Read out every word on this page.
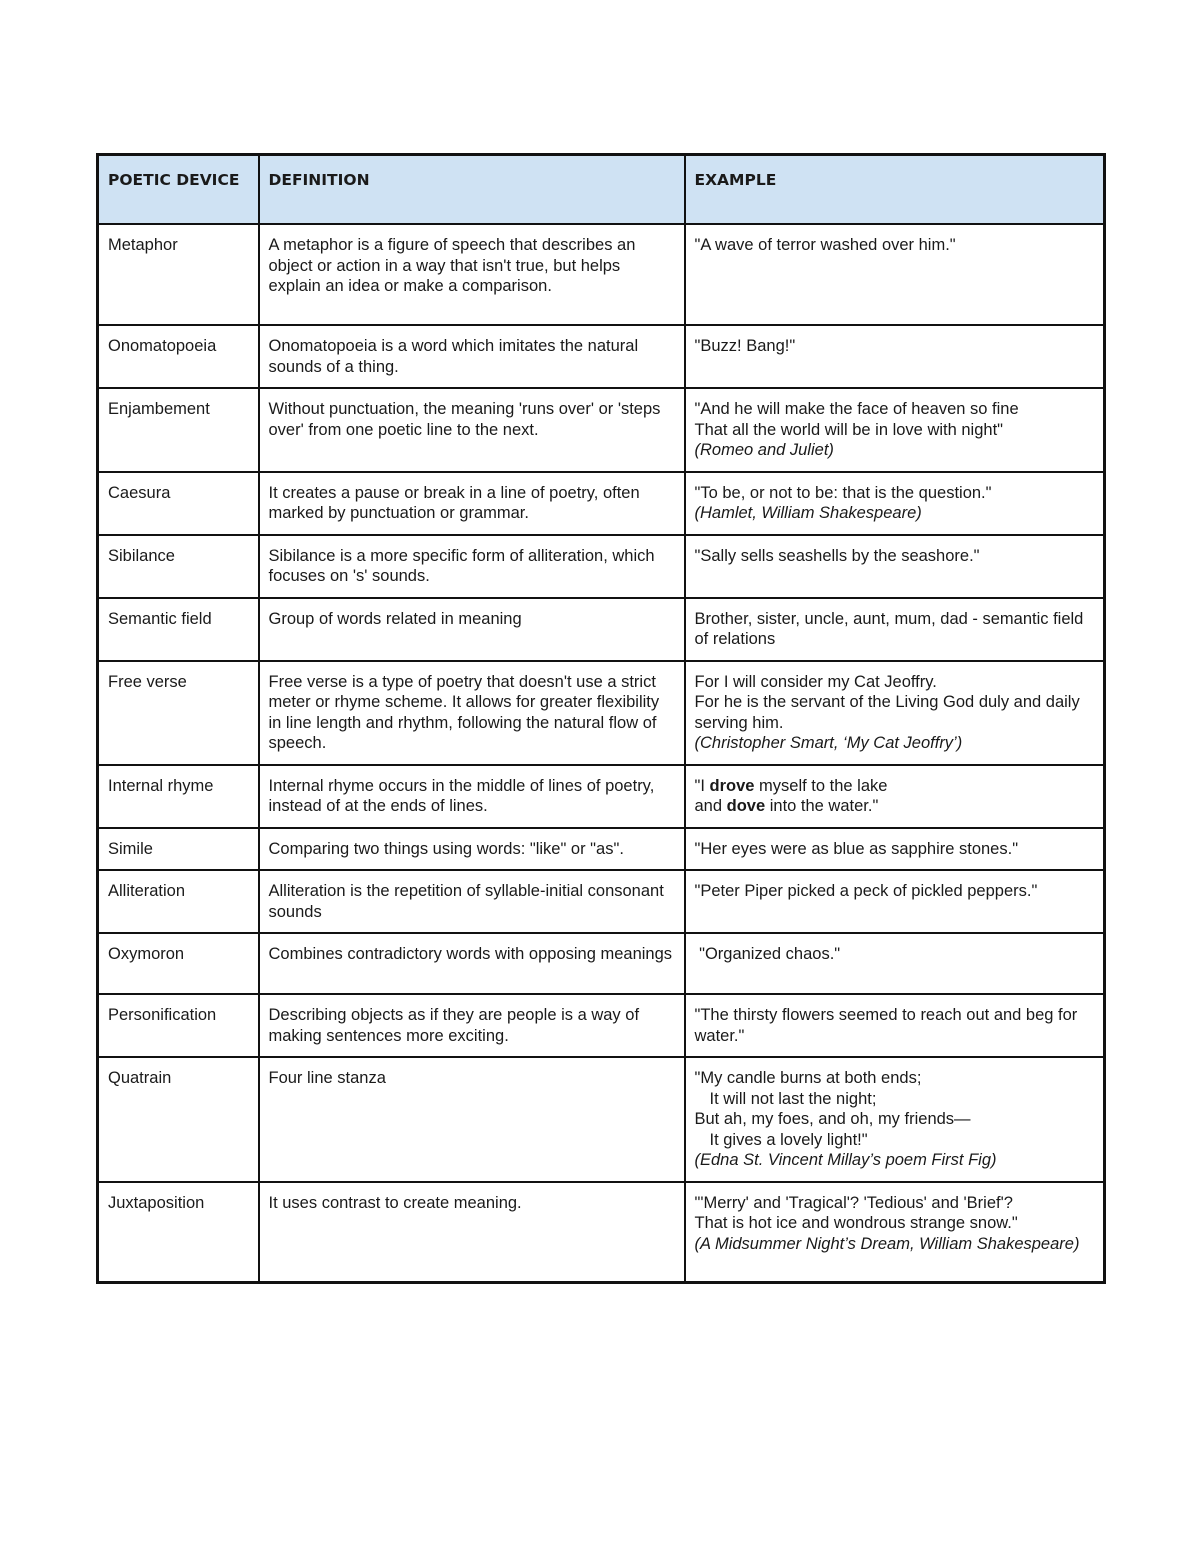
POETIC DEVICE	DEFINITION	EXAMPLE
Metaphor	A metaphor is a figure of speech that describes an object or action in a way that isn't true, but helps explain an idea or make a comparison.	"A wave of terror washed over him."

Onomatopoeia	Onomatopoeia is a word which imitates the natural sounds of a thing.	"Buzz! Bang!"

Enjambement	Without punctuation, the meaning 'runs over' or 'steps over' from one poetic line to the next.	"And he will make the face of heaven so fine
That all the world will be in love with night"
(Romeo and Juliet)

Caesura	It creates a pause or break in a line of poetry, often marked by punctuation or grammar.	"To be, or not to be: that is the question."
(Hamlet, William Shakespeare)

Sibilance	Sibilance is a more specific form of alliteration, which focuses on 's' sounds.	"Sally sells seashells by the seashore."

Semantic field	Group of words related in meaning	Brother, sister, uncle, aunt, mum, dad - semantic field of relations

Free verse	Free verse is a type of poetry that doesn't use a strict meter or rhyme scheme. It allows for greater flexibility in line length and rhythm, following the natural flow of speech.	For I will consider my Cat Jeoffry.
For he is the servant of the Living God duly and daily serving him.
(Christopher Smart, ‘My Cat Jeoffry’)

Internal rhyme	Internal rhyme occurs in the middle of lines of poetry, instead of at the ends of lines.	"I drove myself to the lake
and dove into the water."

Simile	Comparing two things using words: "like" or "as".	"Her eyes were as blue as sapphire stones."

Alliteration	Alliteration is the repetition of syllable-initial consonant sounds	"Peter Piper picked a peck of pickled peppers."

Oxymoron	Combines contradictory words with opposing meanings	"Organized chaos."

Personification	Describing objects as if they are people is a way of making sentences more exciting.	"The thirsty flowers seemed to reach out and beg for water."

Quatrain	Four line stanza	"My candle burns at both ends;
It will not last the night;
But ah, my foes, and oh, my friends—
It gives a lovely light!"
(Edna St. Vincent Millay’s poem First Fig)

Juxtaposition	It uses contrast to create meaning.	"'Merry' and 'Tragical'? 'Tedious' and 'Brief'?
That is hot ice and wondrous strange snow."
(A Midsummer Night’s Dream, William Shakespeare)
